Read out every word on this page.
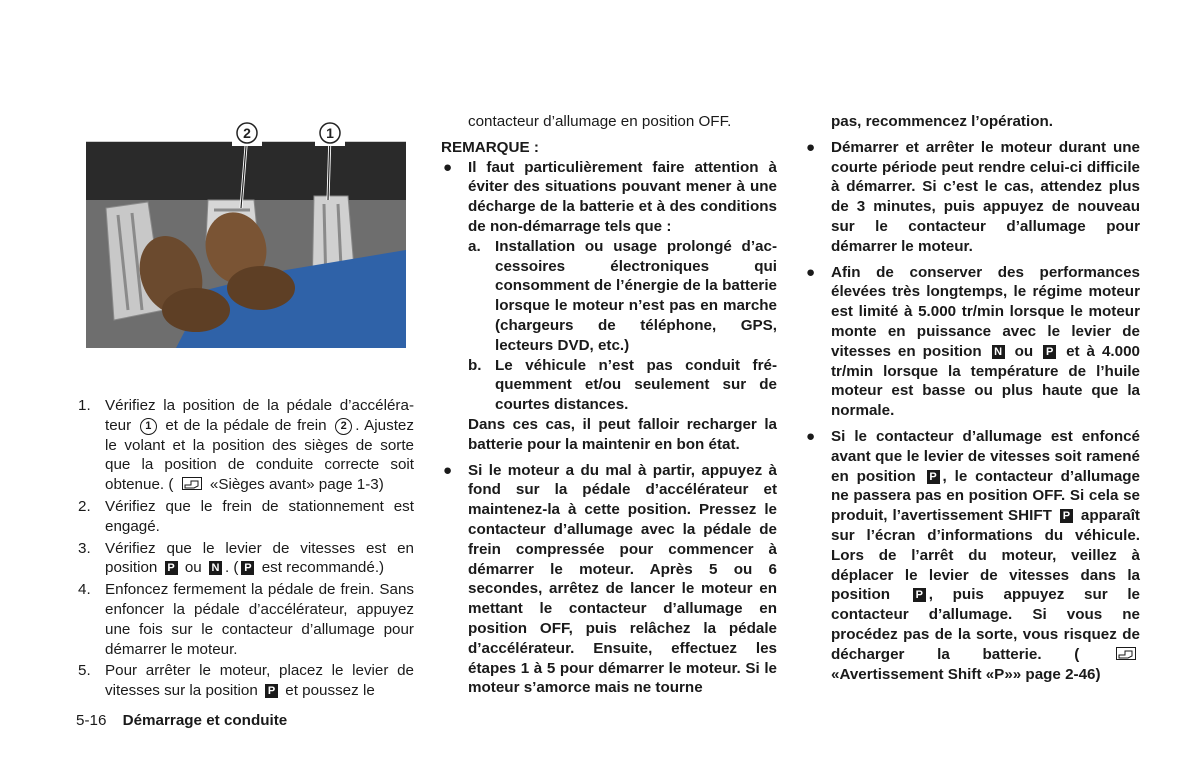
2	1
1. Vérifiez la position de la pédale d’accélérateur 1 et de la pédale de frein 2 . Ajustez le volant et la position des sièges de sorte que la position de conduite correcte soit obtenue. ( «Sièges avant» page 1-3)
2. Vérifiez que le frein de stationnement est engagé.
3. Vérifiez que le levier de vitesses est en position P ou N . ( P est recommandé.)
4. Enfoncez fermement la pédale de frein. Sans enfoncer la pédale d’accélérateur, appuyez une fois sur le contacteur d’allumage pour démarrer le moteur.
5. Pour arrêter le moteur, placez le levier de vitesses sur la position P et poussez le

contacteur d’allumage en position OFF.

REMARQUE :

● Il faut particulièrement faire attention à éviter des situations pouvant mener à une décharge de la batterie et à des conditions de non-démarrage tels que :

a. Installation ou usage prolongé d’accessoires électroniques qui consomment de l’énergie de la batterie lorsque le moteur n’est pas en marche (chargeurs de téléphone, GPS, lecteurs DVD, etc.)
b. Le véhicule n’est pas conduit fréquemment et/ou seulement sur de courtes distances.

Dans ces cas, il peut falloir recharger la batterie pour la maintenir en bon état.

● Si le moteur a du mal à partir, appuyez à fond sur la pédale d’accélérateur et maintenez-la à cette position. Pressez le contacteur d’allumage avec la pédale de frein compressée pour commencer à démarrer le moteur. Après 5 ou 6 secondes, arrêtez de lancer le moteur en mettant le contacteur d’allumage en position OFF, puis relâchez la pédale d’accélérateur. Ensuite, effectuez les étapes 1 à 5 pour démarrer le moteur. Si le moteur s’amorce mais ne tourne

pas, recommencez l’opération.

● Démarrer et arrêter le moteur durant une courte période peut rendre celui-ci difficile à démarrer. Si c’est le cas, attendez plus de 3 minutes, puis appuyez de nouveau sur le contacteur d’allumage pour démarrer le moteur.

● Afin de conserver des performances élevées très longtemps, le régime moteur est limité à 5.000 tr/min lorsque le moteur monte en puissance avec le levier de vitesses en position N ou P et à 4.000 tr/min lorsque la température de l’huile moteur est basse ou plus haute que la normale.
● Si le contacteur d’allumage est enfoncé avant que le levier de vitesses soit ramené en position P , le contacteur d’allumage ne passera pas en position OFF. Si cela se produit, l’avertissement SHIFT P apparaît sur l’écran d’informations du véhicule. Lors de l’arrêt du moteur, veillez à déplacer le levier de vitesses dans la position P , puis appuyez sur le contacteur d’allumage. Si vous ne procédez pas de la sorte, vous risquez de décharger la batterie. (  «Avertissement Shift «P»» page 2-46)
5-16 Démarrage et conduite
